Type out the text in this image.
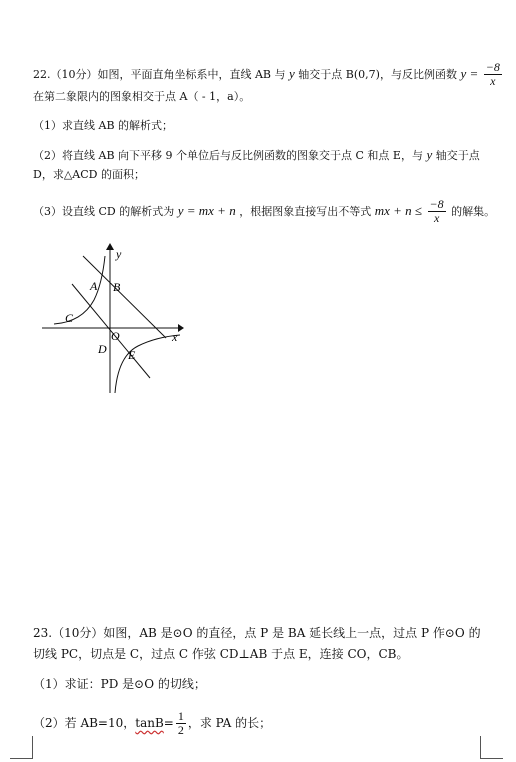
22.（10分）如图，平面直角坐标系中，直线 AB 与 y 轴交于点 B(0,7)，与反比例函数 $y = \frac{-8}{x}$
在第二象限内的图象相交于点 A（ - 1，a）。
（1）求直线 AB 的解析式；
（2）将直线 AB 向下平移 9 个单位后与反比例函数的图象交于点 C 和点 E，与 y 轴交于点
D，求△ACD 的面积；
（3）设直线 CD 的解析式为 y = mx + n ，根据图象直接写出不等式 mx + $n \le \frac{-8}{x}$ 的解集。
y
x
A B
C
O
D E
23.（10分）如图，AB 是⊙O 的直径，点 P 是 BA 延长线上一点，过点 P 作⊙O 的
切线 PC，切点是 C，过点 C 作弦 CD⊥AB 于点 E，连接 CO，CB。
（1）求证：PD 是⊙O 的切线；
（2）若 AB=10，$\tan B= \frac{1}{2}$ ，求 PA 的长；
